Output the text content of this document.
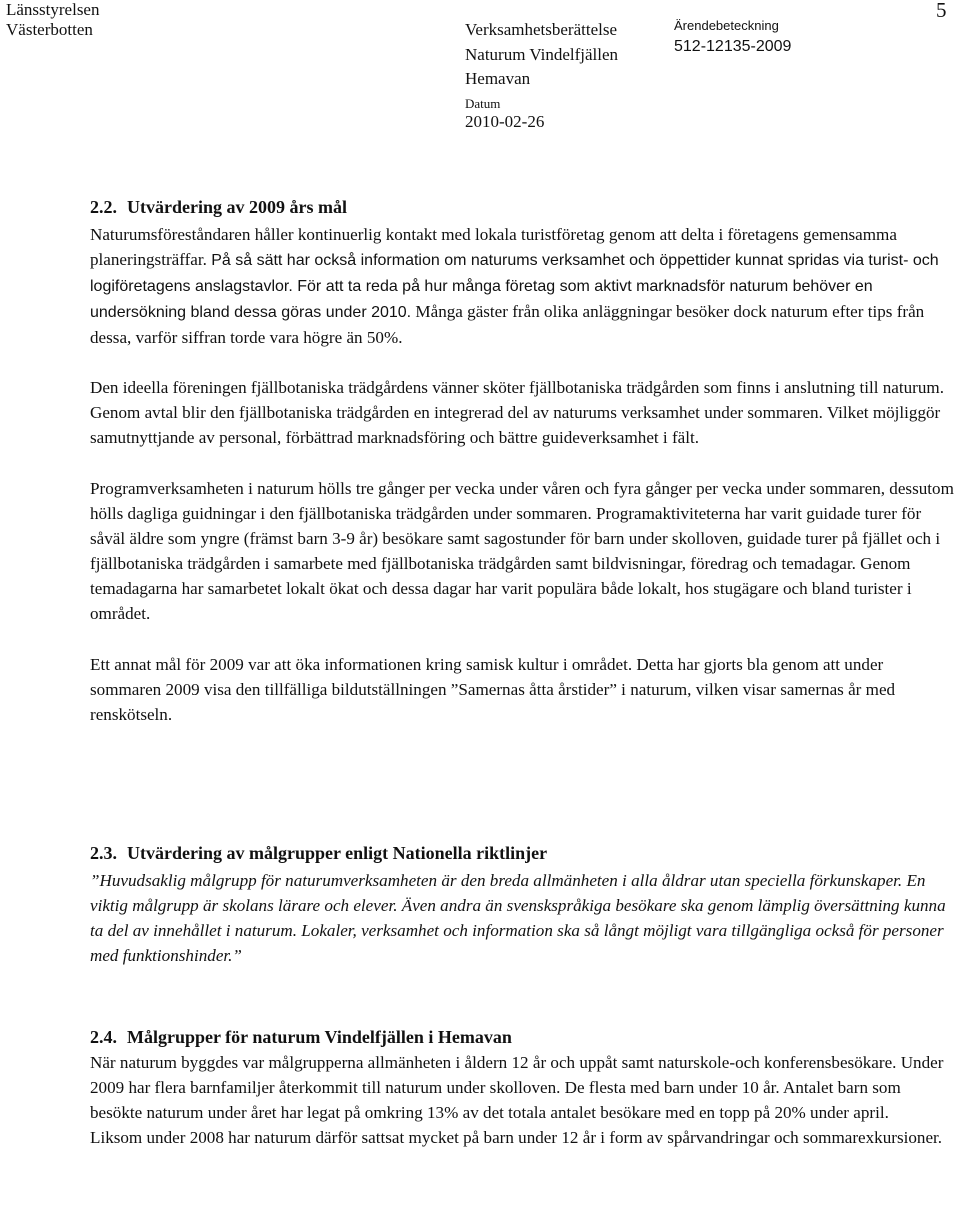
Länsstyrelsen
Västerbotten	Verksamhetsberättelse
Naturum Vindelfjällen
Hemavan
Datum
2010-02-26
Ärendebeteckning
512-12135-2009
5
2.2. Utvärdering av 2009 års mål

Naturumsföreståndaren håller kontinuerlig kontakt med lokala turistföretag genom att delta i företagens gemensamma planeringsträffar. På så sätt har också information om naturums verksamhet och öppettider kunnat spridas via turist- och logiföretagens anslagstavlor. För att ta reda på hur många företag som aktivt marknadsför naturum behöver en undersökning bland dessa göras under 2010. Många gäster från olika anläggningar besöker dock naturum efter tips från dessa, varför siffran torde vara högre än 50%.

Den ideella föreningen fjällbotaniska trädgårdens vänner sköter fjällbotaniska trädgården som finns i anslutning till naturum. Genom avtal blir den fjällbotaniska trädgården en integrerad del av naturums verksamhet under sommaren. Vilket möjliggör samutnyttjande av personal, förbättrad marknadsföring och bättre guideverksamhet i fält.

Programverksamheten i naturum hölls tre gånger per vecka under våren och fyra gånger per vecka under sommaren, dessutom hölls dagliga guidningar i den fjällbotaniska trädgården under sommaren. Programaktiviteterna har varit guidade turer för såväl äldre som yngre (främst barn 3-9 år) besökare samt sagostunder för barn under skolloven, guidade turer på fjället och i fjällbotaniska trädgården i samarbete med fjällbotaniska trädgården samt bildvisningar, föredrag och temadagar. Genom temadagarna har samarbetet lokalt ökat och dessa dagar har varit populära både lokalt, hos stugägare och bland turister i området.

Ett annat mål för 2009 var att öka informationen kring samisk kultur i området. Detta har gjorts bla genom att under sommaren 2009 visa den tillfälliga bildutställningen ”Samernas åtta årstider” i naturum, vilken visar samernas år med renskötseln.

2.3. Utvärdering av målgrupper enligt Nationella riktlinjer

”Huvudsaklig målgrupp för naturumverksamheten är den breda allmänheten i alla åldrar utan speciella förkunskaper. En viktig målgrupp är skolans lärare och elever. Även andra än svenskspråkiga besökare ska genom lämplig översättning kunna ta del av innehållet i naturum. Lokaler, verksamhet och information ska så långt möjligt vara tillgängliga också för personer med funktionshinder.”

2.4. Målgrupper för naturum Vindelfjällen i Hemavan

När naturum byggdes var målgrupperna allmänheten i åldern 12 år och uppåt samt naturskole-och konferensbesökare. Under 2009 har flera barnfamiljer återkommit till naturum under skolloven. De flesta med barn under 10 år. Antalet barn som besökte naturum under året har legat på omkring 13% av det totala antalet besökare med en topp på 20% under april.

Liksom under 2008 har naturum därför sattsat mycket på barn under 12 år i form av spårvandringar och sommarexkursioner.
